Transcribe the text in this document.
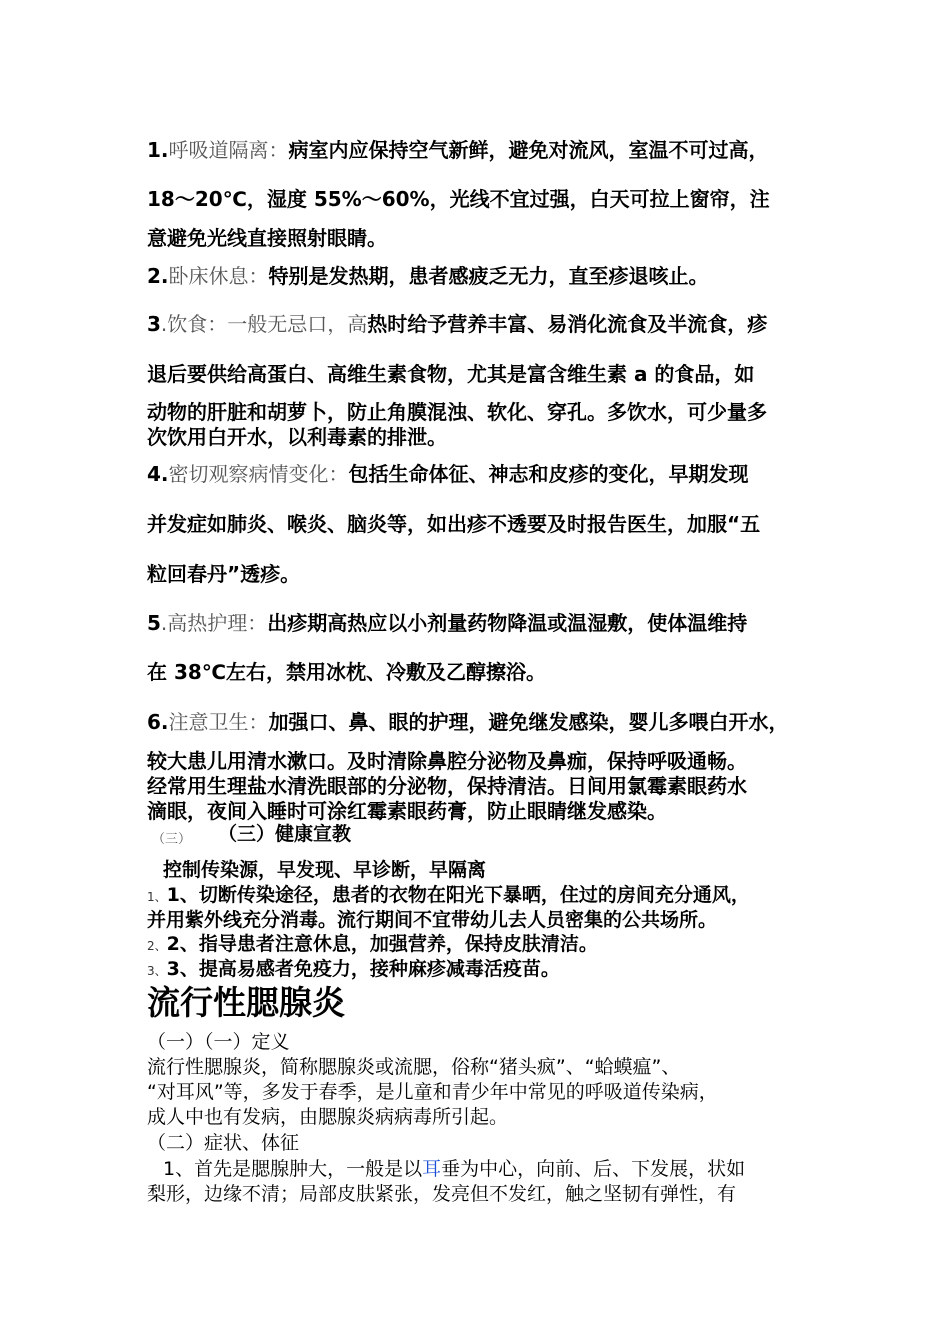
1.呼吸道隔离：病室内应保持空气新鲜，避免对流风，室温不可过高，
18～20℃，湿度 55%～60%，光线不宜过强，白天可拉上窗帘，注
意避免光线直接照射眼睛。
2.卧床休息：特别是发热期，患者感疲乏无力，直至疹退咳止。
3.饮食：一般无忌口，高热时给予营养丰富、易消化流食及半流食，疹
退后要供给高蛋白、高维生素食物，尤其是富含维生素 a 的食品，如
动物的肝脏和胡萝卜，防止角膜混浊、软化、穿孔。多饮水，可少量多
次饮用白开水，以利毒素的排泄。
4.密切观察病情变化：包括生命体征、神志和皮疹的变化，早期发现
并发症如肺炎、喉炎、脑炎等，如出疹不透要及时报告医生，加服“五
粒回春丹”透疹。
5.高热护理：出疹期高热应以小剂量药物降温或温湿敷，使体温维持
在 38℃左右，禁用冰枕、冷敷及乙醇擦浴。
6.注意卫生：加强口、鼻、眼的护理，避免继发感染，婴儿多喂白开水，
较大患儿用清水漱口。及时清除鼻腔分泌物及鼻痂，保持呼吸通畅。
经常用生理盐水清洗眼部的分泌物，保持清洁。日间用氯霉素眼药水
滴眼，夜间入睡时可涂红霉素眼药膏，防止眼睛继发感染。
（三） （三）健康宣教
控制传染源，早发现、早诊断，早隔离
1、1、切断传染途径，患者的衣物在阳光下暴晒，住过的房间充分通风，
并用紫外线充分消毒。流行期间不宜带幼儿去人员密集的公共场所。
2、2、指导患者注意休息，加强营养，保持皮肤清洁。
3、3、提高易感者免疫力，接种麻疹减毒活疫苗。
流行性腮腺炎
（一）（一）定义
流行性腮腺炎，简称腮腺炎或流腮，俗称“猪头疯”、“蛤蟆瘟”、
“对耳风”等，多发于春季，是儿童和青少年中常见的呼吸道传染病，
成人中也有发病，由腮腺炎病病毒所引起。
（二）症状、体征
1、首先是腮腺肿大，一般是以耳垂为中心，向前、后、下发展，状如
梨形，边缘不清；局部皮肤紧张，发亮但不发红，触之坚韧有弹性，有
